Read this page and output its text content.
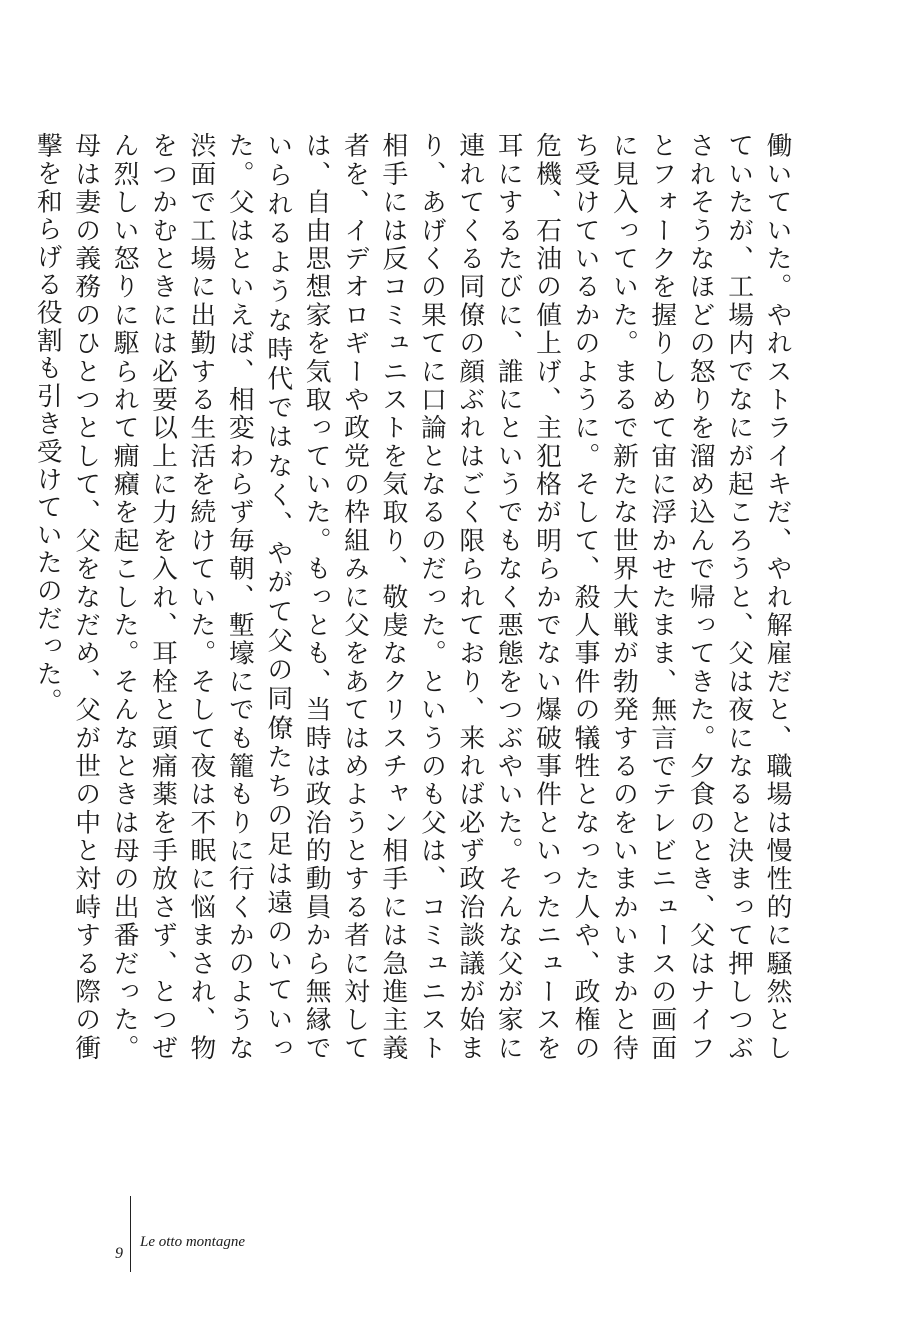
働いていた。やれストライキだ、やれ解雇だと、職場は慢性的に騒然としていたが、工場内でなにが起ころうと、父は夜になると決まって押しつぶされそうなほどの怒りを溜め込んで帰ってきた。夕食のとき、父はナイフとフォークを握りしめて宙に浮かせたまま、無言でテレビニュースの画面に見入っていた。まるで新たな世界大戦が勃発するのをいまかいまかと待ち受けているかのように。そして、殺人事件の犠牲となった人や、政権の危機、石油の値上げ、主犯格が明らかでない爆破事件といったニュースを耳にするたびに、誰にというでもなく悪態をつぶやいた。そんな父が家に連れてくる同僚の顔ぶれはごく限られており、来れば必ず政治談議が始まり、あげくの果てに口論となるのだった。というのも父は、コミュニスト相手には反コミュニストを気取り、敬虔なクリスチャン相手には急進主義者を、イデオロギーや政党の枠組みに父をあてはめようとする者に対しては、自由思想家を気取っていた。もっとも、当時は政治的動員から無縁でいられるような時代ではなく、やがて父の同僚たちの足は遠のいていった。父はといえば、相変わらず毎朝、塹壕にでも籠もりに行くかのような渋面で工場に出勤する生活を続けていた。そして夜は不眠に悩まされ、物をつかむときには必要以上に力を入れ、耳栓と頭痛薬を手放さず、とつぜん烈しい怒りに駆られて癇癪を起こした。そんなときは母の出番だった。母は妻の義務のひとつとして、父をなだめ、父が世の中と対峙する際の衝撃を和らげる役割も引き受けていたのだった。

9
Le otto montagne
